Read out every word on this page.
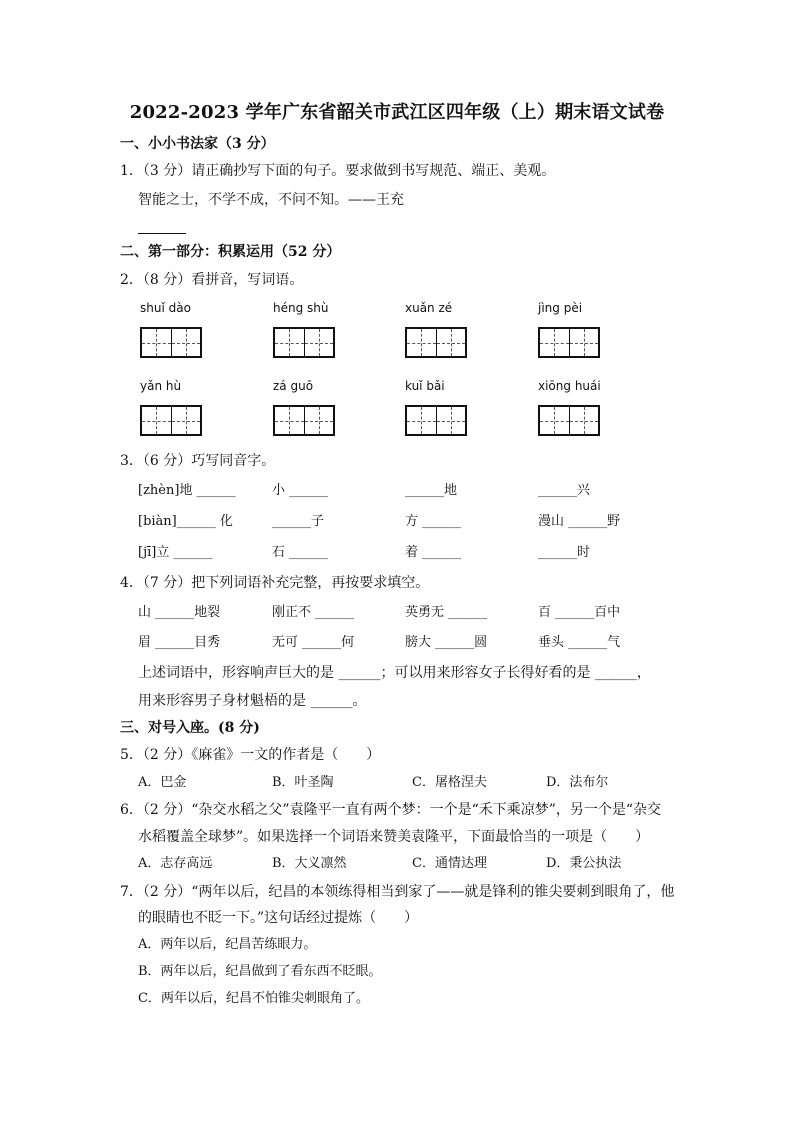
2022-2023 学年广东省韶关市武江区四年级（上）期末语文试卷
一、小小书法家（3 分）
1．（3 分）请正确抄写下面的句子。要求做到书写规范、端正、美观。
智能之士，不学不成，不问不知。——王充
二、第一部分：积累运用（52 分）
2．（8 分）看拼音，写词语。
shuǐ dào	héng shù	xuǎn zé	jìng pèi
yǎn hù	zá guō	kuǐ bǎi	xiōng huái
3．（6 分）巧写同音字。
[zhèn]地 ______	小 ______	______地	______兴
[biàn]______ 化	______子	方 ______	漫山 ______野
[jī]立 ______	石 ______	着 ______	______时
4．（7 分）把下列词语补充完整，再按要求填空。
山 ______地裂	刚正不 ______	英勇无 ______	百 ______百中
眉 ______目秀	无可 ______何	膀大 ______圆	垂头 ______气
上述词语中，形容响声巨大的是 ______；可以用来形容女子长得好看的是 ______，
用来形容男子身材魁梧的是 ______。
三、对号入座。(8 分)
5．（2 分）《麻雀》一文的作者是（　　）
A．巴金	B．叶圣陶	C．屠格涅夫	D．法布尔
6．（2 分）“杂交水稻之父”袁隆平一直有两个梦：一个是“禾下乘凉梦”，另一个是“杂交
水稻覆盖全球梦”。如果选择一个词语来赞美袁隆平，下面最恰当的一项是（　　）
A．志存高远	B．大义凛然	C．通情达理	D．秉公执法
7．（2 分）“两年以后，纪昌的本领练得相当到家了——就是锋利的锥尖要刺到眼角了，他
的眼睛也不眨一下。”这句话经过提炼（　　）
A．两年以后，纪昌苦练眼力。
B．两年以后，纪昌做到了看东西不眨眼。
C．两年以后，纪昌不怕锥尖刺眼角了。
